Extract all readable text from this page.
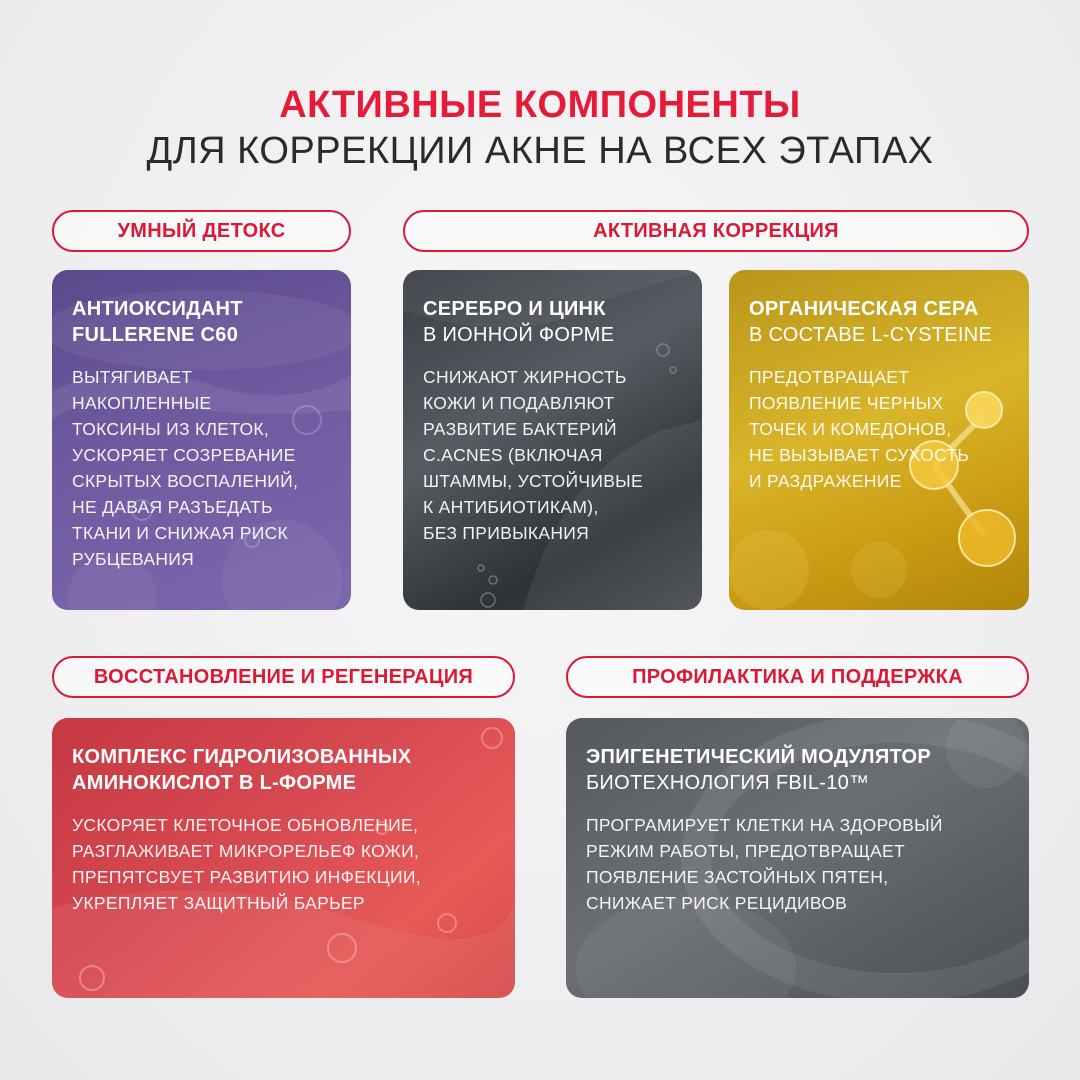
АКТИВНЫЕ КОМПОНЕНТЫ
ДЛЯ КОРРЕКЦИИ АКНЕ НА ВСЕХ ЭТАПАХ
УМНЫЙ ДЕТОКС	АКТИВНАЯ КОРРЕКЦИЯ
ВОССТАНОВЛЕНИЕ И РЕГЕНЕРАЦИЯ	ПРОФИЛАКТИКА И ПОДДЕРЖКА
АНТИОКСИДАНТ FULLERENE C60
ВЫТЯГИВАЕТ
НАКОПЛЕННЫЕ
ТОКСИНЫ ИЗ КЛЕТОК,
УСКОРЯЕТ СОЗРЕВАНИЕ
СКРЫТЫХ ВОСПАЛЕНИЙ,
НЕ ДАВАЯ РАЗЪЕДАТЬ
ТКАНИ И СНИЖАЯ РИСК
РУБЦЕВАНИЯ
СЕРЕБРО И ЦИНК
В ИОННОЙ ФОРМЕ
СНИЖАЮТ ЖИРНОСТЬ
КОЖИ И ПОДАВЛЯЮТ
РАЗВИТИЕ БАКТЕРИЙ
C.ACNES (ВКЛЮЧАЯ
ШТАММЫ, УСТОЙЧИВЫЕ
К АНТИБИОТИКАМ),
БЕЗ ПРИВЫКАНИЯ
ОРГАНИЧЕСКАЯ СЕРА
В СОСТАВЕ L-CYSTEINE
ПРЕДОТВРАЩАЕТ
ПОЯВЛЕНИЕ ЧЕРНЫХ
ТОЧЕК И КОМЕДОНОВ,
НЕ ВЫЗЫВАЕТ СУХОСТЬ
И РАЗДРАЖЕНИЕ
КОМПЛЕКС ГИДРОЛИЗОВАННЫХ АМИНОКИСЛОТ В L-ФОРМЕ
УСКОРЯЕТ КЛЕТОЧНОЕ ОБНОВЛЕНИЕ,
РАЗГЛАЖИВАЕТ МИКРОРЕЛЬЕФ КОЖИ,
ПРЕПЯТСВУЕТ РАЗВИТИЮ ИНФЕКЦИИ,
УКРЕПЛЯЕТ ЗАЩИТНЫЙ БАРЬЕР
ЭПИГЕНЕТИЧЕСКИЙ МОДУЛЯТОР
БИОТЕХНОЛОГИЯ FBIL-10™
ПРОГРАМИРУЕТ КЛЕТКИ НА ЗДОРОВЫЙ
РЕЖИМ РАБОТЫ, ПРЕДОТВРАЩАЕТ
ПОЯВЛЕНИЕ ЗАСТОЙНЫХ ПЯТЕН,
СНИЖАЕТ РИСК РЕЦИДИВОВ
